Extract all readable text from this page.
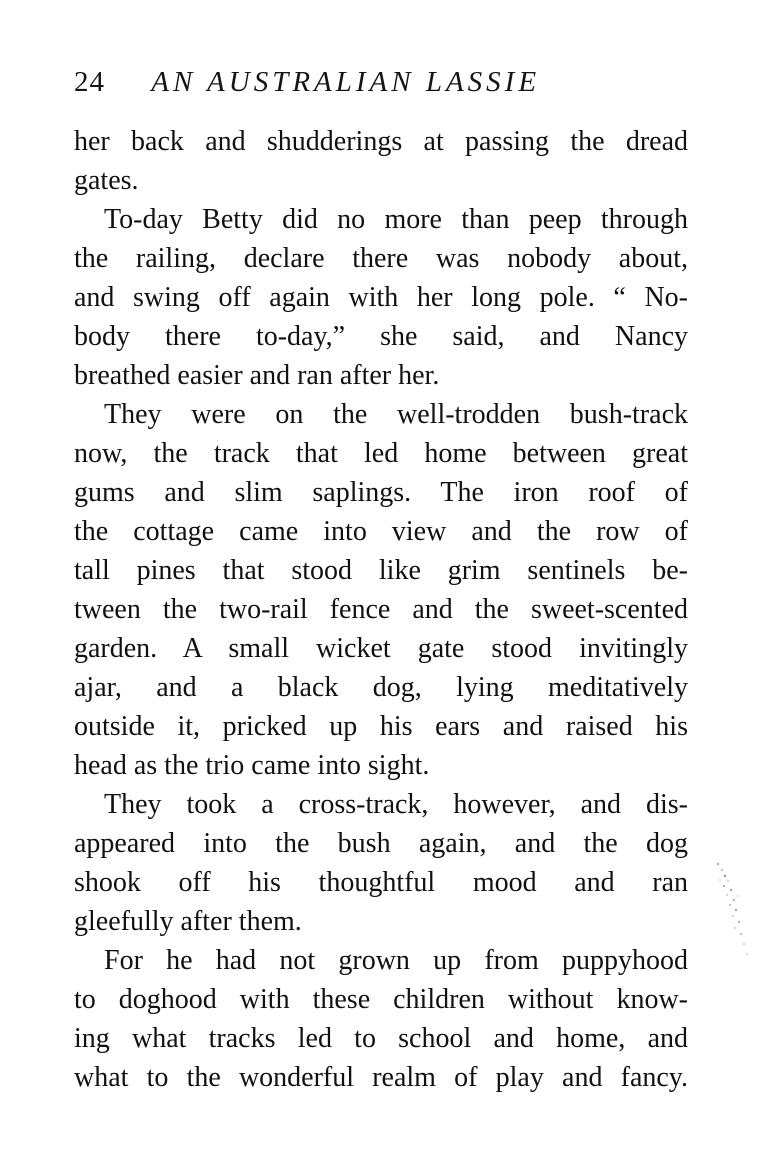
24 AN AUSTRALIAN LASSIE
her back and shudderings at passing the dread
gates.
To-day Betty did no more than peep through
the railing, declare there was nobody about,
and swing off again with her long pole. “ No-
body there to-day,” she said, and Nancy
breathed easier and ran after her.
They were on the well-trodden bush-track
now, the track that led home between great
gums and slim saplings. The iron roof of
the cottage came into view and the row of
tall pines that stood like grim sentinels be-
tween the two-rail fence and the sweet-scented
garden. A small wicket gate stood invitingly
ajar, and a black dog, lying meditatively
outside it, pricked up his ears and raised his
head as the trio came into sight.
They took a cross-track, however, and dis-
appeared into the bush again, and the dog
shook off his thoughtful mood and ran
gleefully after them.
For he had not grown up from puppyhood
to doghood with these children without know-
ing what tracks led to school and home, and
what to the wonderful realm of play and fancy.
